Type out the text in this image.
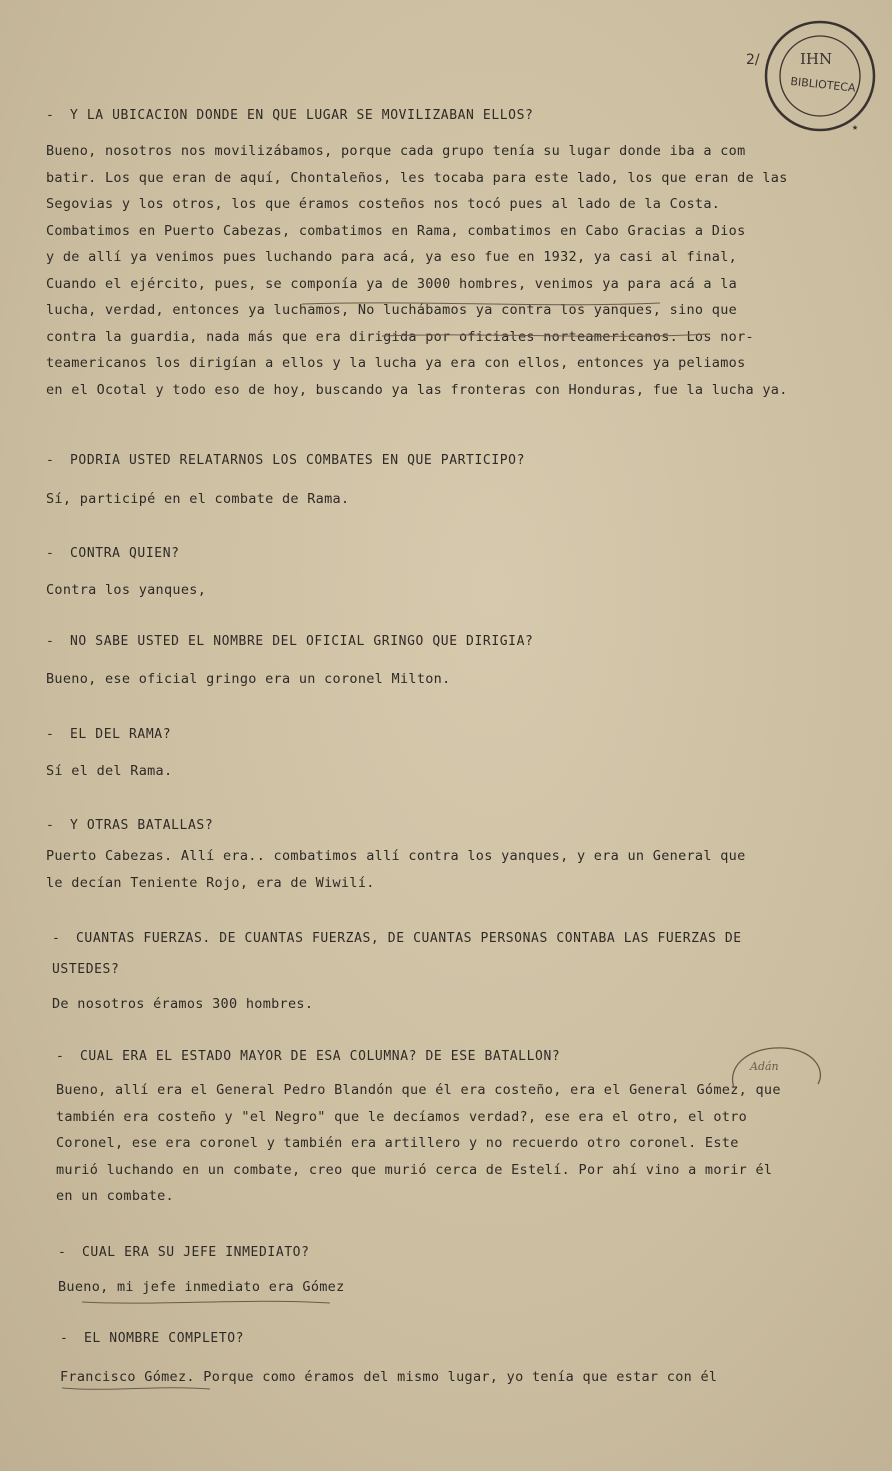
IHN
BIBLIOTECA
★
2/
- Y LA UBICACION DONDE EN QUE LUGAR SE MOVILIZABAN ELLOS?
Bueno, nosotros nos movilizábamos, porque cada grupo tenía su lugar donde iba a com
batir. Los que eran de aquí, Chontaleños, les tocaba para este lado, los que eran de las
Segovias y los otros, los que éramos costeños nos tocó pues al lado de la Costa.
Combatimos en Puerto Cabezas, combatimos en Rama, combatimos en Cabo Gracias a Dios
y de allí ya venimos pues luchando para acá, ya eso fue en 1932, ya casi al final,
Cuando el ejército, pues, se componía ya de 3000 hombres, venimos ya para acá a la
lucha, verdad, entonces ya luchamos, No luchábamos ya contra los yanques, sino que
contra la guardia, nada más que era dirigida por oficiales norteamericanos. Los nor-
teamericanos los dirigían a ellos y la lucha ya era con ellos, entonces ya peliamos
en el Ocotal y todo eso de hoy, buscando ya las fronteras con Honduras, fue la lucha ya.
- PODRIA USTED RELATARNOS LOS COMBATES EN QUE PARTICIPO?
Sí, participé en el combate de Rama.
- CONTRA QUIEN?
Contra los yanques,
- NO SABE USTED EL NOMBRE DEL OFICIAL GRINGO QUE DIRIGIA?
Bueno, ese oficial gringo era un coronel Milton.
- EL DEL RAMA?
Sí el del Rama.
- Y OTRAS BATALLAS?
Puerto Cabezas. Allí era.. combatimos allí contra los yanques, y era un General que
le decían Teniente Rojo, era de Wiwilí.
- CUANTAS FUERZAS. DE CUANTAS FUERZAS, DE CUANTAS PERSONAS CONTABA LAS FUERZAS DE
USTEDES?
De nosotros éramos 300 hombres.
- CUAL ERA EL ESTADO MAYOR DE ESA COLUMNA? DE ESE BATALLON?
Bueno, allí era el General Pedro Blandón que él era costeño, era el General Gómez, que
también era costeño y "el Negro" que le decíamos verdad?, ese era el otro, el otro
Coronel, ese era coronel y también era artillero y no recuerdo otro coronel. Este
murió luchando en un combate, creo que murió cerca de Estelí. Por ahí vino a morir él
en un combate.
- CUAL ERA SU JEFE INMEDIATO?
Bueno, mi jefe inmediato era Gómez
- EL NOMBRE COMPLETO?
Francisco Gómez. Porque como éramos del mismo lugar, yo tenía que estar con él
Adán
